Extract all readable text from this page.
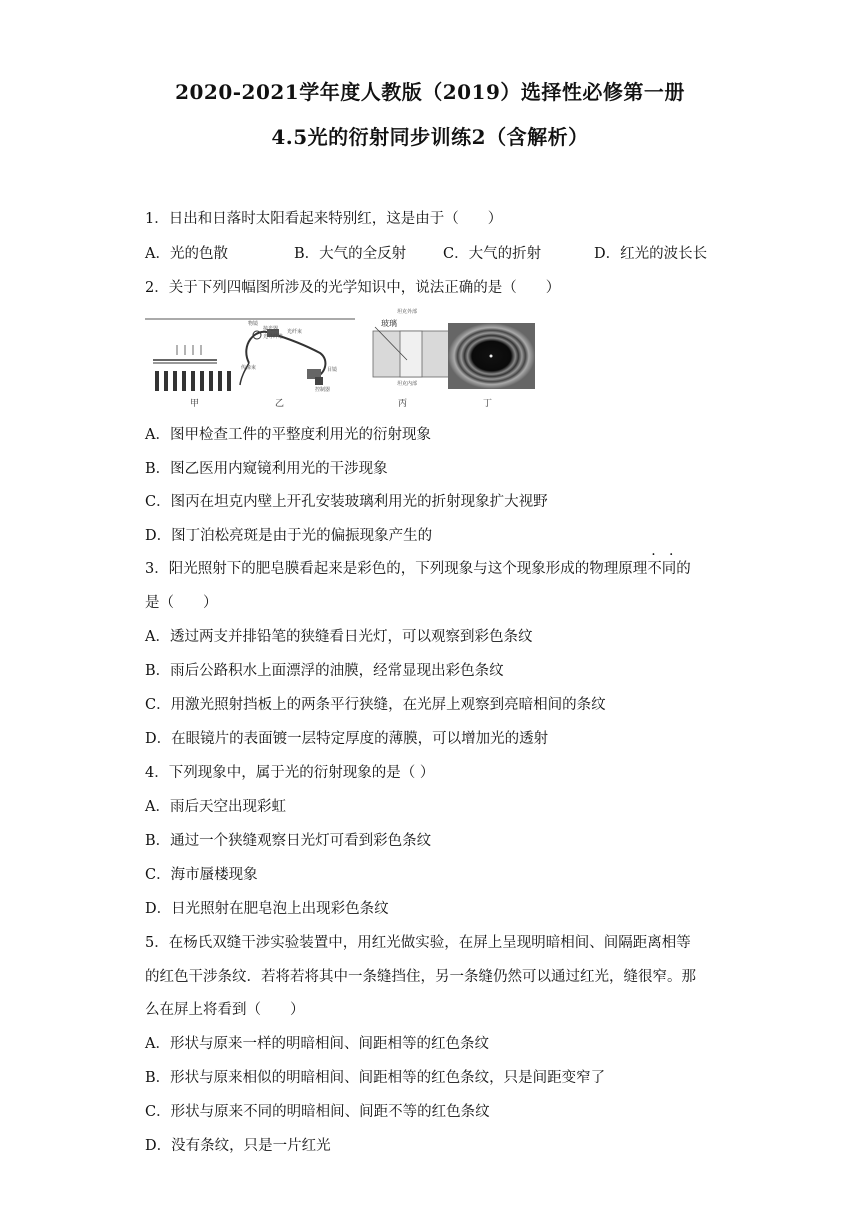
2020-2021学年度人教版（2019）选择性必修第一册
4.5光的衍射同步训练2（含解析）
1．日出和日落时太阳看起来特别红，这是由于（　　）
A．光的色散	B．大气的全反射	C．大气的折射	D．红光的波长长
2．关于下列四幅图所涉及的光学知识中，说法正确的是（　　）
甲
物镜
接光器
光导纤维
光纤束
传像束	目镜
控制器
乙
玻璃
坦克外部
坦克内部
丙	丁
A．图甲检查工件的平整度利用光的衍射现象
B．图乙医用内窥镜利用光的干涉现象
C．图丙在坦克内壁上开孔安装玻璃利用光的折射现象扩大视野
D．图丁泊松亮斑是由于光的偏振现象产生的
3．阳光照射下的肥皂膜看起来是彩色的，下列现象与这个现象形成的物理原理不同
·   ·
的
是（　　）
A．透过两支并排铅笔的狭缝看日光灯，可以观察到彩色条纹
B．雨后公路积水上面漂浮的油膜，经常显现出彩色条纹
C．用激光照射挡板上的两条平行狭缝，在光屏上观察到亮暗相间的条纹
D．在眼镜片的表面镀一层特定厚度的薄膜，可以增加光的透射
4．下列现象中，属于光的衍射现象的是（ ）
A．雨后天空出现彩虹
B．通过一个狭缝观察日光灯可看到彩色条纹
C．海市蜃楼现象
D．日光照射在肥皂泡上出现彩色条纹
5．在杨氏双缝干涉实验装置中，用红光做实验，在屏上呈现明暗相间、间隔距离相等
的红色干涉条纹．若将若将其中一条缝挡住，另一条缝仍然可以通过红光，缝很窄。那
么在屏上将看到（　　）
A．形状与原来一样的明暗相间、间距相等的红色条纹
B．形状与原来相似的明暗相间、间距相等的红色条纹，只是间距变窄了
C．形状与原来不同的明暗相间、间距不等的红色条纹
D．没有条纹，只是一片红光
